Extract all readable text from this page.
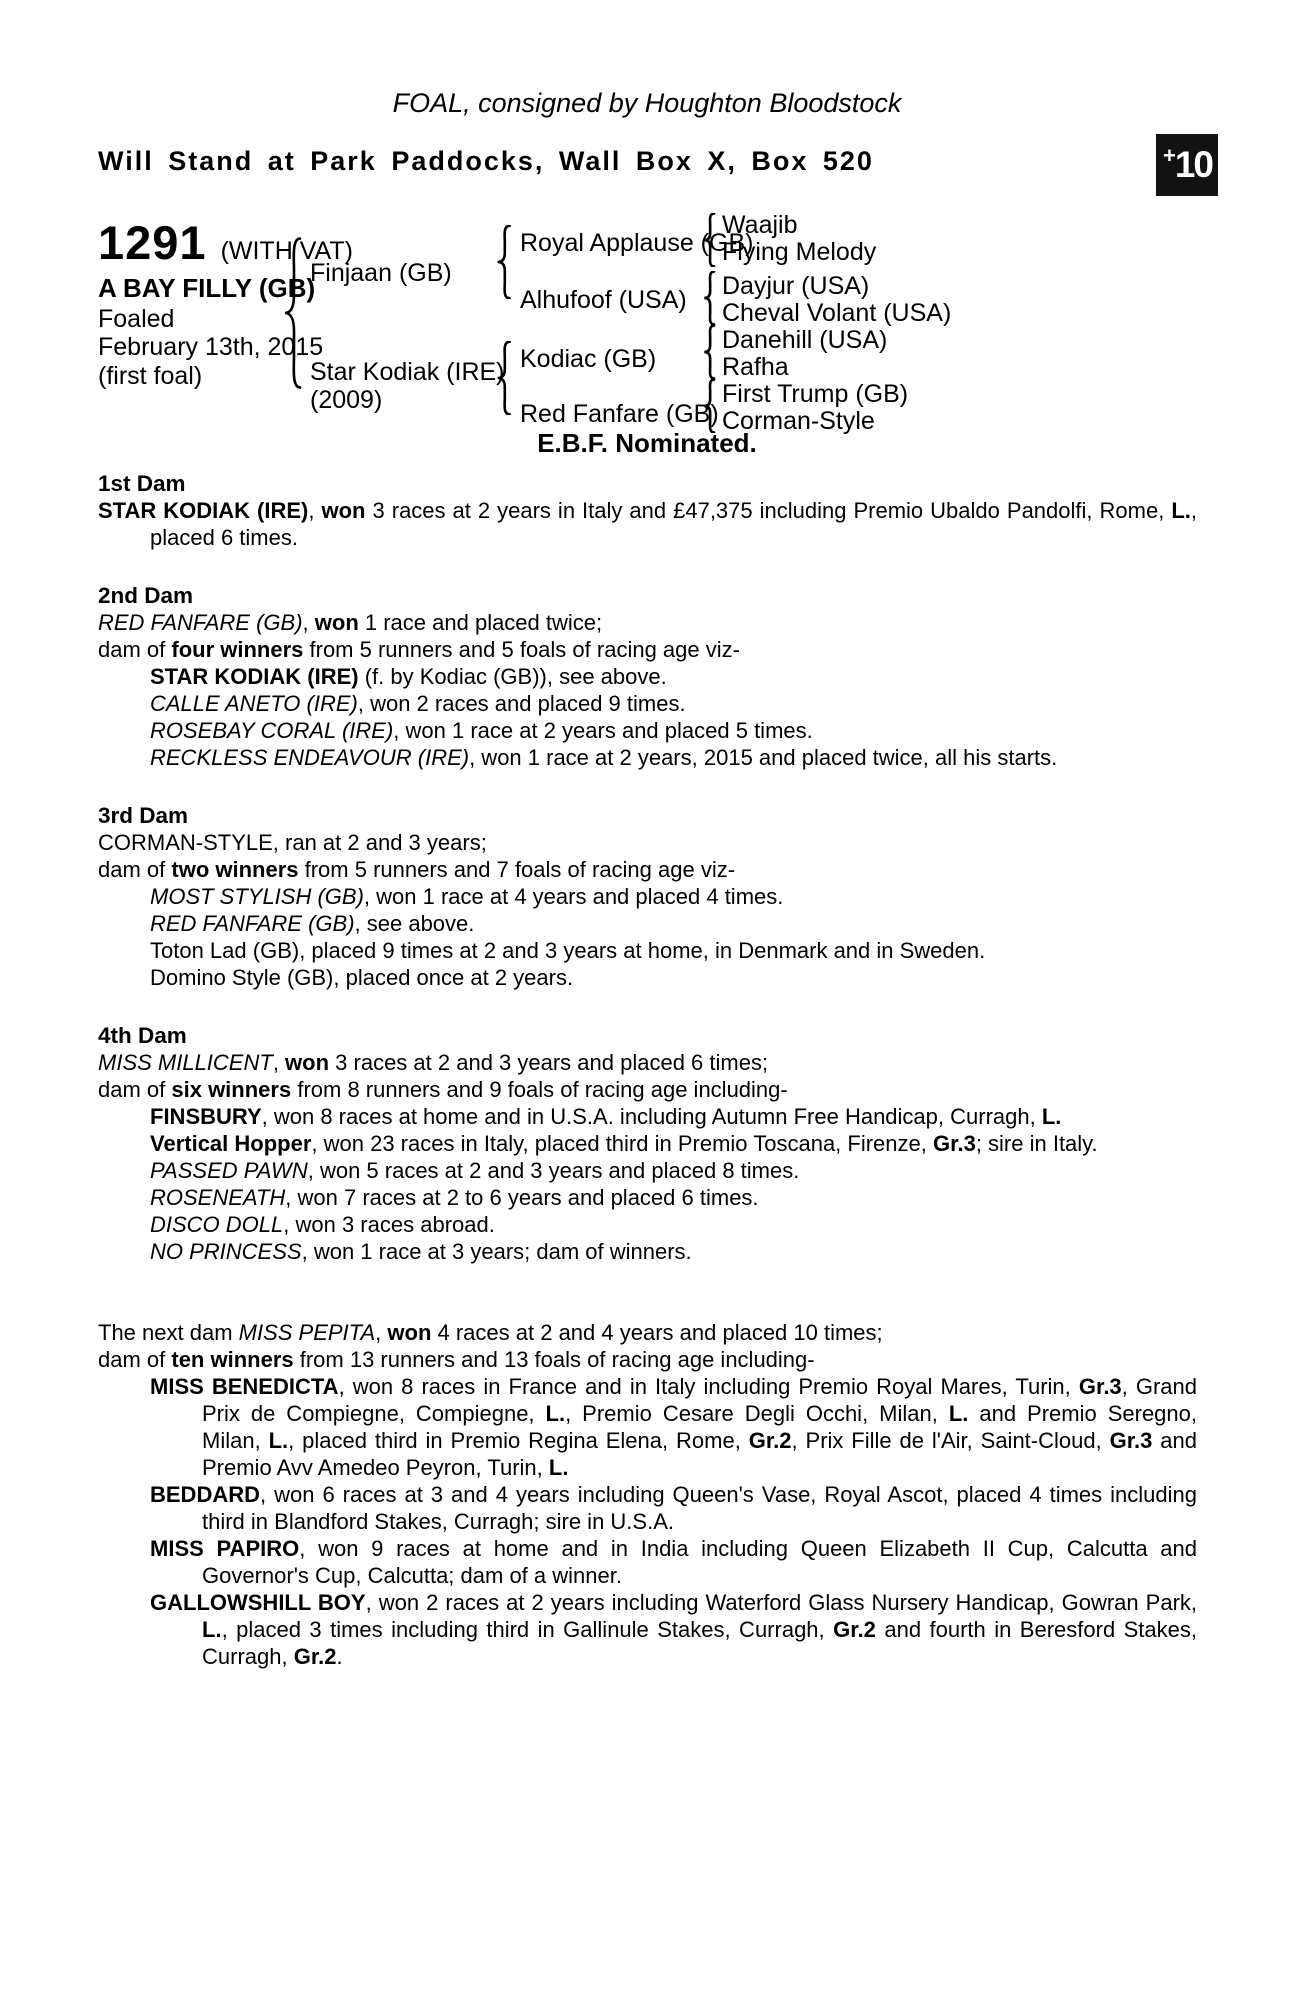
FOAL, consigned by Houghton Bloodstock
Will Stand at Park Paddocks, Wall Box X, Box 520	+ 10
1291 (WITH VAT)
A BAY FILLY (GB)
Foaled
February 13th, 2015
(first foal)
Finjaan (GB)
Star Kodiak (IRE)
(2009)
Royal Applause (GB)
Alhufoof (USA)
Kodiac (GB)
Red Fanfare (GB)
Waajib
Flying Melody
Dayjur (USA)
Cheval Volant (USA)
Danehill (USA)
Rafha
First Trump (GB)
Corman-Style
E.B.F. Nominated.

1st Dam

STAR KODIAK (IRE), won 3 races at 2 years in Italy and £47,375 including Premio Ubaldo Pandolfi, Rome, L., placed 6 times.

2nd Dam

RED FANFARE (GB), won 1 race and placed twice;

dam of four winners from 5 runners and 5 foals of racing age viz-

STAR KODIAK (IRE) (f. by Kodiac (GB)), see above.

CALLE ANETO (IRE), won 2 races and placed 9 times.

ROSEBAY CORAL (IRE), won 1 race at 2 years and placed 5 times.

RECKLESS ENDEAVOUR (IRE), won 1 race at 2 years, 2015 and placed twice, all his starts.

3rd Dam

CORMAN-STYLE, ran at 2 and 3 years;

dam of two winners from 5 runners and 7 foals of racing age viz-

MOST STYLISH (GB), won 1 race at 4 years and placed 4 times.

RED FANFARE (GB), see above.

Toton Lad (GB), placed 9 times at 2 and 3 years at home, in Denmark and in Sweden.

Domino Style (GB), placed once at 2 years.

4th Dam

MISS MILLICENT, won 3 races at 2 and 3 years and placed 6 times;

dam of six winners from 8 runners and 9 foals of racing age including-

FINSBURY, won 8 races at home and in U.S.A. including Autumn Free Handicap, Curragh, L.

Vertical Hopper, won 23 races in Italy, placed third in Premio Toscana, Firenze, Gr.3; sire in Italy.

PASSED PAWN, won 5 races at 2 and 3 years and placed 8 times.

ROSENEATH, won 7 races at 2 to 6 years and placed 6 times.

DISCO DOLL, won 3 races abroad.

NO PRINCESS, won 1 race at 3 years; dam of winners.

The next dam MISS PEPITA, won 4 races at 2 and 4 years and placed 10 times;

dam of ten winners from 13 runners and 13 foals of racing age including-

MISS BENEDICTA, won 8 races in France and in Italy including Premio Royal Mares, Turin, Gr.3, Grand Prix de Compiegne, Compiegne, L., Premio Cesare Degli Occhi, Milan, L. and Premio Seregno, Milan, L., placed third in Premio Regina Elena, Rome, Gr.2, Prix Fille de l'Air, Saint-Cloud, Gr.3 and Premio Avv Amedeo Peyron, Turin, L.

BEDDARD, won 6 races at 3 and 4 years including Queen's Vase, Royal Ascot, placed 4 times including third in Blandford Stakes, Curragh; sire in U.S.A.

MISS PAPIRO, won 9 races at home and in India including Queen Elizabeth II Cup, Calcutta and Governor's Cup, Calcutta; dam of a winner.

GALLOWSHILL BOY, won 2 races at 2 years including Waterford Glass Nursery Handicap, Gowran Park, L., placed 3 times including third in Gallinule Stakes, Curragh, Gr.2 and fourth in Beresford Stakes, Curragh, Gr.2.
